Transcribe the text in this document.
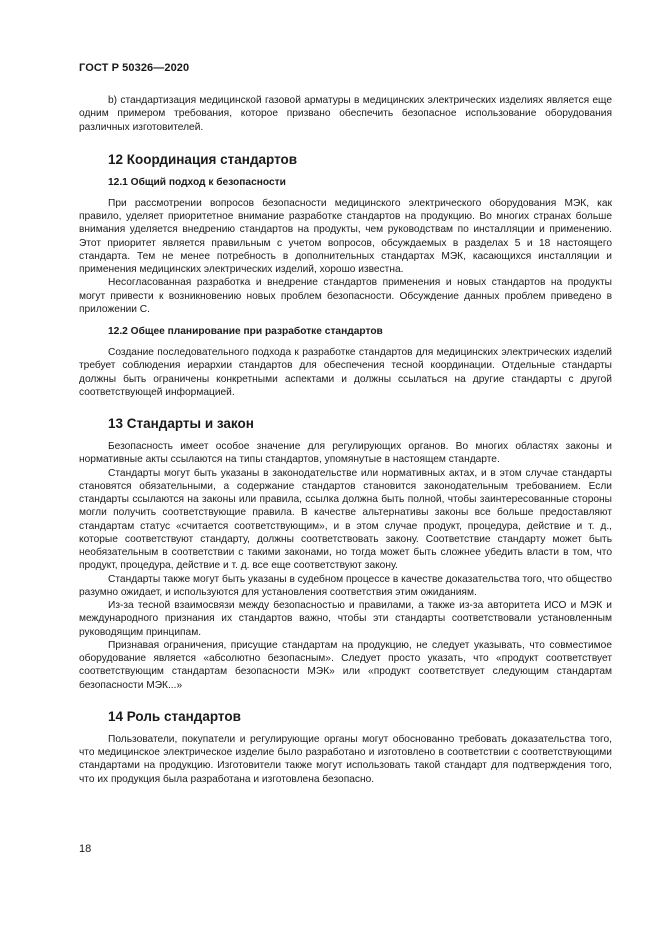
ГОСТ Р 50326—2020

b) стандартизация медицинской газовой арматуры в медицинских электрических изделиях является еще одним примером требования, которое призвано обеспечить безопасное использование оборудования различных изготовителей.

12 Координация стандартов
12.1 Общий подход к безопасности

При рассмотрении вопросов безопасности медицинского электрического оборудования МЭК, как правило, уделяет приоритетное внимание разработке стандартов на продукцию. Во многих странах больше внимания уделяется внедрению стандартов на продукты, чем руководствам по инсталляции и применению. Этот приоритет является правильным с учетом вопросов, обсуждаемых в разделах 5 и 18 настоящего стандарта. Тем не менее потребность в дополнительных стандартах МЭК, касающихся инсталляции и применения медицинских электрических изделий, хорошо известна.

Несогласованная разработка и внедрение стандартов применения и новых стандартов на продукты могут привести к возникновению новых проблем безопасности. Обсуждение данных проблем приведено в приложении С.

12.2 Общее планирование при разработке стандартов

Создание последовательного подхода к разработке стандартов для медицинских электрических изделий требует соблюдения иерархии стандартов для обеспечения тесной координации. Отдельные стандарты должны быть ограничены конкретными аспектами и должны ссылаться на другие стандарты с другой соответствующей информацией.

13 Стандарты и закон

Безопасность имеет особое значение для регулирующих органов. Во многих областях законы и нормативные акты ссылаются на типы стандартов, упомянутые в настоящем стандарте.

Стандарты могут быть указаны в законодательстве или нормативных актах, и в этом случае стандарты становятся обязательными, а содержание стандартов становится законодательным требованием. Если стандарты ссылаются на законы или правила, ссылка должна быть полной, чтобы заинтересованные стороны могли получить соответствующие правила. В качестве альтернативы законы все больше предоставляют стандартам статус «считается соответствующим», и в этом случае продукт, процедура, действие и т. д., которые соответствуют стандарту, должны соответствовать закону. Соответствие стандарту может быть необязательным в соответствии с такими законами, но тогда может быть сложнее убедить власти в том, что продукт, процедура, действие и т. д. все еще соответствуют закону.

Стандарты также могут быть указаны в судебном процессе в качестве доказательства того, что общество разумно ожидает, и используются для установления соответствия этим ожиданиям.

Из-за тесной взаимосвязи между безопасностью и правилами, а также из-за авторитета ИСО и МЭК и международного признания их стандартов важно, чтобы эти стандарты соответствовали установленным руководящим принципам.

Признавая ограничения, присущие стандартам на продукцию, не следует указывать, что совместимое оборудование является «абсолютно безопасным». Следует просто указать, что «продукт соответствует соответствующим стандартам безопасности МЭК» или «продукт соответствует следующим стандартам безопасности МЭК...»

14 Роль стандартов

Пользователи, покупатели и регулирующие органы могут обоснованно требовать доказательства того, что медицинское электрическое изделие было разработано и изготовлено в соответствии с соответствующими стандартами на продукцию. Изготовители также могут использовать такой стандарт для подтверждения того, что их продукция была разработана и изготовлена безопасно.

18
